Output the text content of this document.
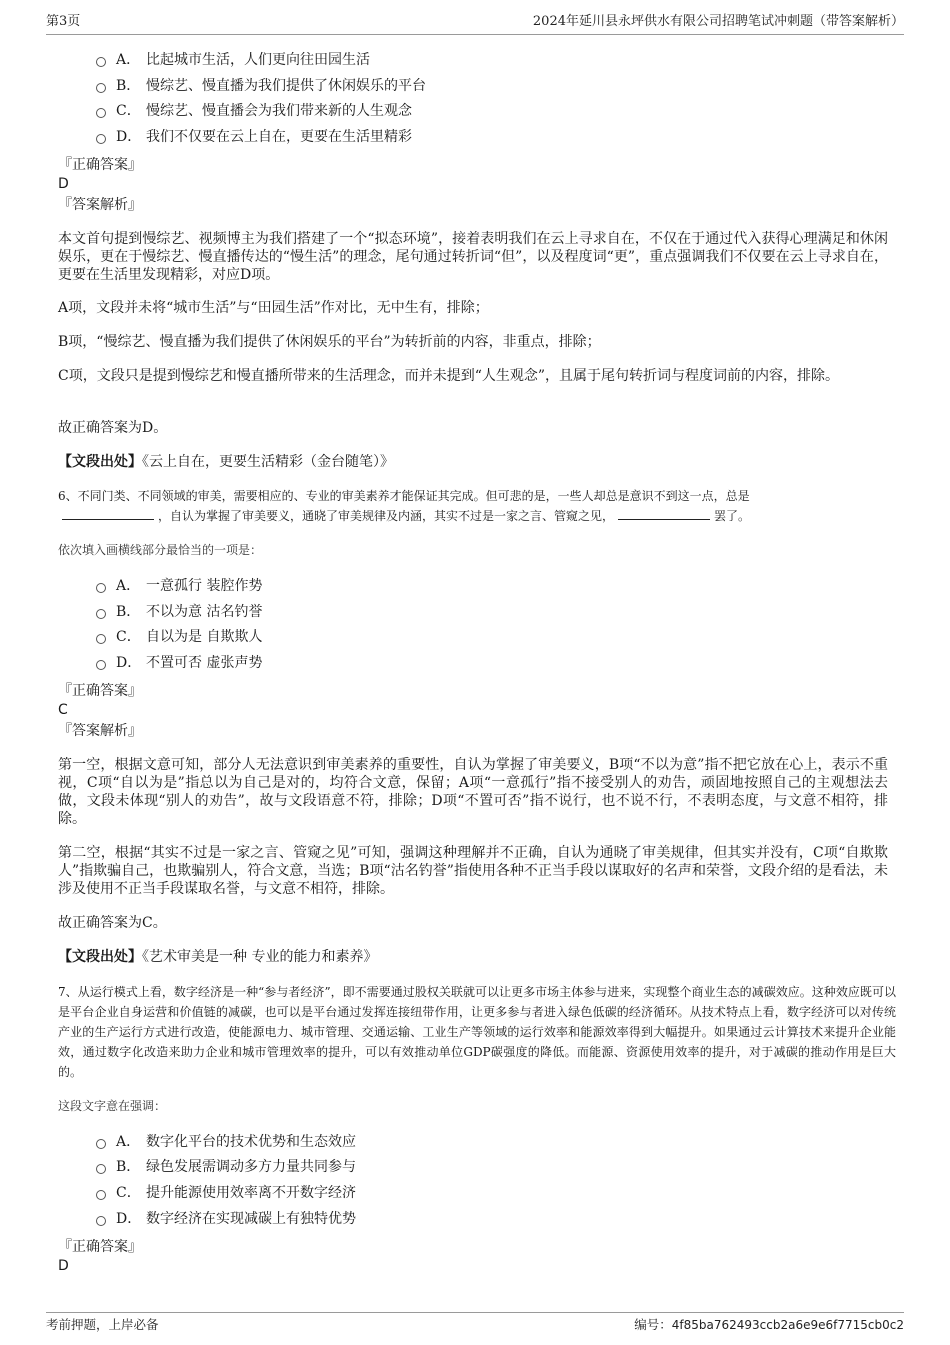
第3页	2024年延川县永坪供水有限公司招聘笔试冲刺题（带答案解析）
A． 比起城市生活，人们更向往田园生活
B． 慢综艺、慢直播为我们提供了休闲娱乐的平台
C． 慢综艺、慢直播会为我们带来新的人生观念
D． 我们不仅要在云上自在，更要在生活里精彩
『正确答案』
D
『答案解析』
本文首句提到慢综艺、视频博主为我们搭建了一个“拟态环境”，接着表明我们在云上寻求自在，不仅在于通过代入获得心理满足和休闲娱乐，更在于慢综艺、慢直播传达的“慢生活”的理念，尾句通过转折词“但”，以及程度词“更”，重点强调我们不仅要在云上寻求自在，更要在生活里发现精彩，对应D项。
A项，文段并未将“城市生活”与“田园生活”作对比，无中生有，排除；
B项，“慢综艺、慢直播为我们提供了休闲娱乐的平台”为转折前的内容，非重点，排除；
C项，文段只是提到慢综艺和慢直播所带来的生活理念，而并未提到“人生观念”，且属于尾句转折词与程度词前的内容，排除。
故正确答案为D。
【文段出处】《云上自在，更要生活精彩（金台随笔）》
6、不同门类、不同领域的审美，需要相应的、专业的审美素养才能保证其完成。但可悲的是，一些人却总是意识不到这一点，总是
，自认为掌握了审美要义，通晓了审美规律及内涵，其实不过是一家之言、管窥之见，	罢了。
依次填入画横线部分最恰当的一项是：
A． 一意孤行 装腔作势
B． 不以为意 沽名钓誉
C． 自以为是 自欺欺人
D． 不置可否 虚张声势
『正确答案』
C
『答案解析』
第一空，根据文意可知，部分人无法意识到审美素养的重要性，自认为掌握了审美要义，B项“不以为意”指不把它放在心上，表示不重视，C项“自以为是”指总以为自己是对的，均符合文意，保留；A项“一意孤行”指不接受别人的劝告，顽固地按照自己的主观想法去做，文段未体现“别人的劝告”，故与文段语意不符，排除；D项“不置可否”指不说行，也不说不行，不表明态度，与文意不相符，排除。
第二空，根据“其实不过是一家之言、管窥之见”可知，强调这种理解并不正确，自认为通晓了审美规律，但其实并没有，C项“自欺欺人”指欺骗自己，也欺骗别人，符合文意，当选；B项“沽名钓誉”指使用各种不正当手段以谋取好的名声和荣誉，文段介绍的是看法，未涉及使用不正当手段谋取名誉，与文意不相符，排除。
故正确答案为C。
【文段出处】《艺术审美是一种 专业的能力和素养》
7、从运行模式上看，数字经济是一种“参与者经济”，即不需要通过股权关联就可以让更多市场主体参与进来，实现整个商业生态的减碳效应。这种效应既可以是平台企业自身运营和价值链的减碳，也可以是平台通过发挥连接纽带作用，让更多参与者进入绿色低碳的经济循环。从技术特点上看，数字经济可以对传统产业的生产运行方式进行改造，使能源电力、城市管理、交通运输、工业生产等领域的运行效率和能源效率得到大幅提升。如果通过云计算技术来提升企业能效，通过数字化改造来助力企业和城市管理效率的提升，可以有效推动单位GDP碳强度的降低。而能源、资源使用效率的提升，对于减碳的推动作用是巨大的。
这段文字意在强调：
A． 数字化平台的技术优势和生态效应
B． 绿色发展需调动多方力量共同参与
C． 提升能源使用效率离不开数字经济
D． 数字经济在实现减碳上有独特优势
『正确答案』
D
考前押题，上岸必备	编号：4f85ba762493ccb2a6e9e6f7715cb0c2
